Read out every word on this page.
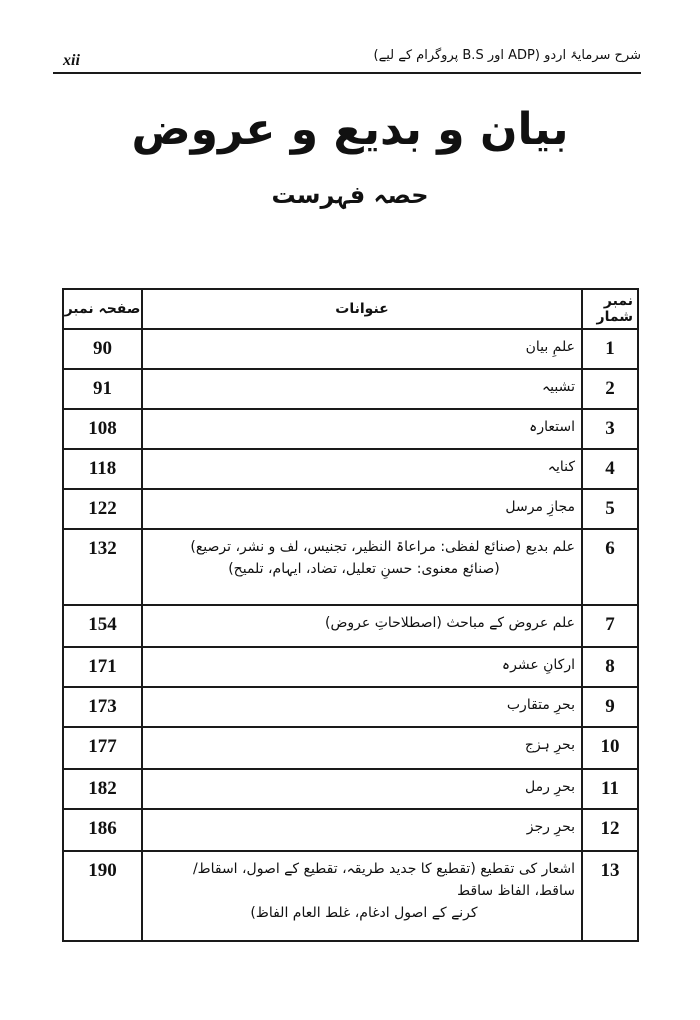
xii	شرح سرمایۂ اردو (ADP اور B.S پروگرام کے لیے)
بیان و بدیع و عروض
حصہ فہرست
نمبر شمار	عنوانات	صفحہ نمبر
1	علمِ بیان	90
2	تشبیہ	91
3	استعارہ	108
4	کنایہ	118
5	مجازِ مرسل	122
6	علم بدیع (صنائع لفظی: مراعاۃ النظیر، تجنیس، لف و نشر، ترصیع)
(صنائع معنوی: حسنِ تعلیل، تضاد، ایہام، تلمیح)	132
7	علم عروض کے مباحث (اصطلاحاتِ عروض)	154
8	ارکانِ عشرہ	171
9	بحرِ متقارب	173
10	بحرِ ہزج	177
11	بحرِ رمل	182
12	بحرِ رجز	186
13	اشعار کی تقطیع (تقطیع کا جدید طریقہ، تقطیع کے اصول، اسقاط/ساقط، الفاظ ساقط
کرنے کے اصول ادغام، غلط العام الفاظ)	190
